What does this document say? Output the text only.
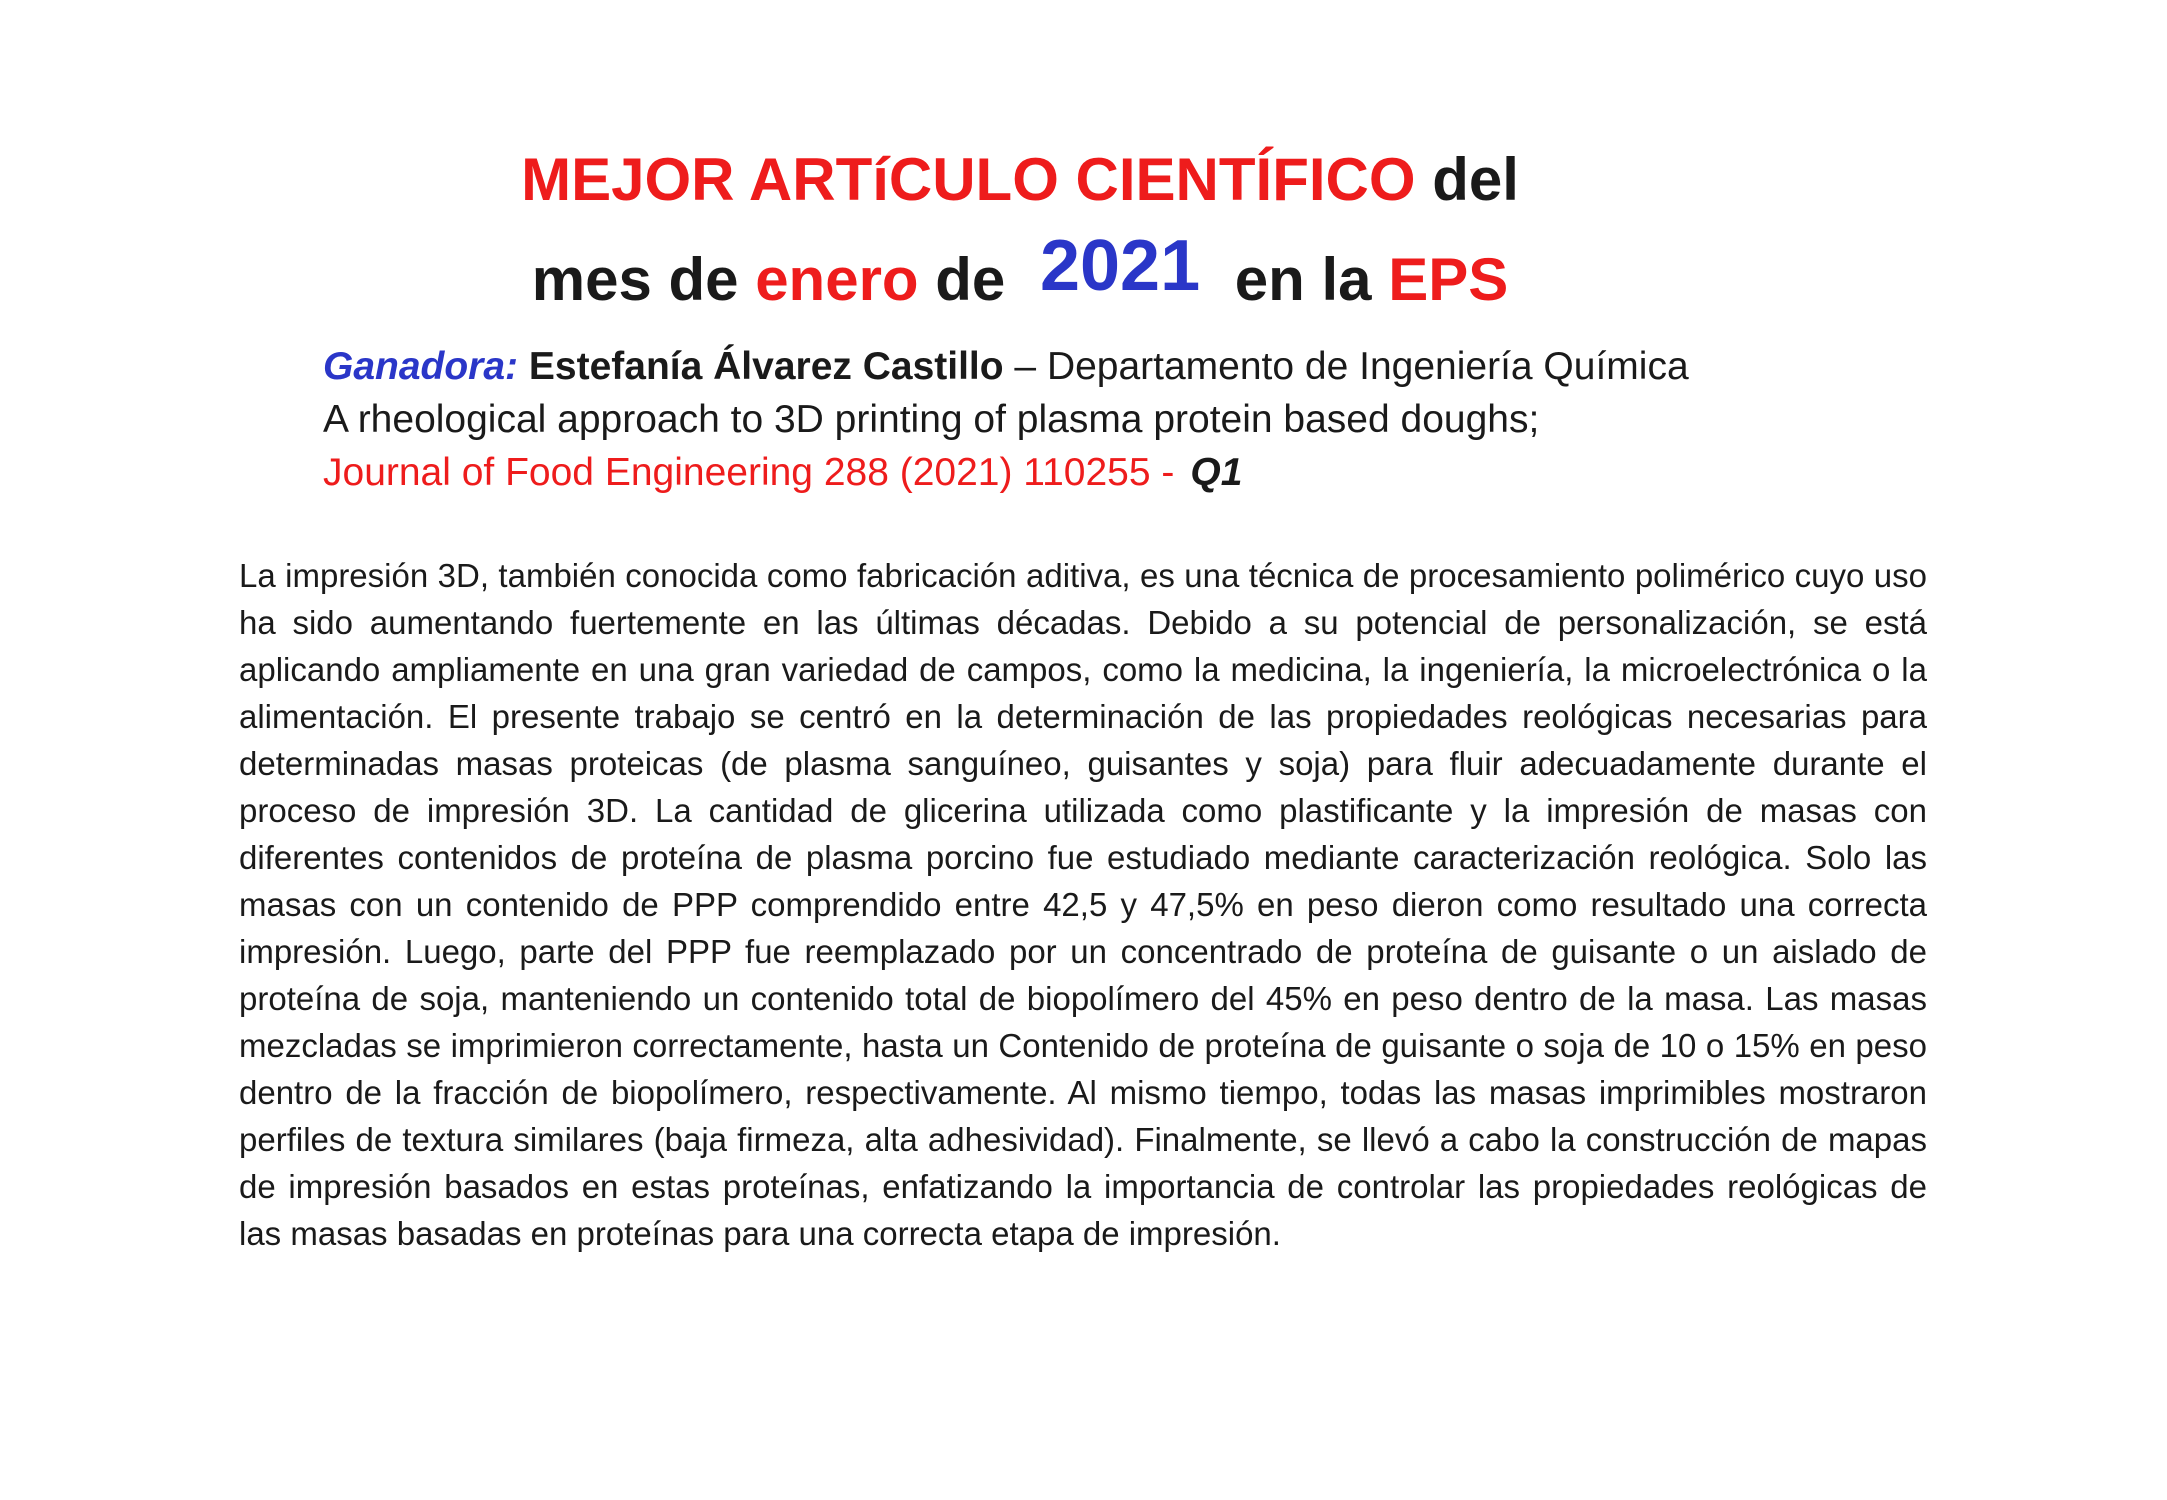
MEJOR ARTíCULO CIENTÍFICO del
mes de enero de 2021 en la EPS
Ganadora: Estefanía Álvarez Castillo – Departamento de Ingeniería Química
A rheological approach to 3D printing of plasma protein based doughs;
Journal of Food Engineering 288 (2021) 110255 - Q1
La impresión 3D, también conocida como fabricación aditiva, es una técnica de procesamiento polimérico cuyo uso ha sido aumentando fuertemente en las últimas décadas. Debido a su potencial de personalización, se está aplicando ampliamente en una gran variedad de campos, como la medicina, la ingeniería, la microelectrónica o la alimentación. El presente trabajo se centró en la determinación de las propiedades reológicas necesarias para determinadas masas proteicas (de plasma sanguíneo, guisantes y soja) para fluir adecuadamente durante el proceso de impresión 3D. La cantidad de glicerina utilizada como plastificante y la impresión de masas con diferentes contenidos de proteína de plasma porcino fue estudiado mediante caracterización reológica. Solo las masas con un contenido de PPP comprendido entre 42,5 y 47,5% en peso dieron como resultado una correcta impresión. Luego, parte del PPP fue reemplazado por un concentrado de proteína de guisante o un aislado de proteína de soja, manteniendo un contenido total de biopolímero del 45% en peso dentro de la masa. Las masas mezcladas se imprimieron correctamente, hasta un Contenido de proteína de guisante o soja de 10 o 15% en peso dentro de la fracción de biopolímero, respectivamente. Al mismo tiempo, todas las masas imprimibles mostraron perfiles de textura similares (baja firmeza, alta adhesividad). Finalmente, se llevó a cabo la construcción de mapas de impresión basados en estas proteínas, enfatizando la importancia de controlar las propiedades reológicas de las masas basadas en proteínas para una correcta etapa de impresión.
